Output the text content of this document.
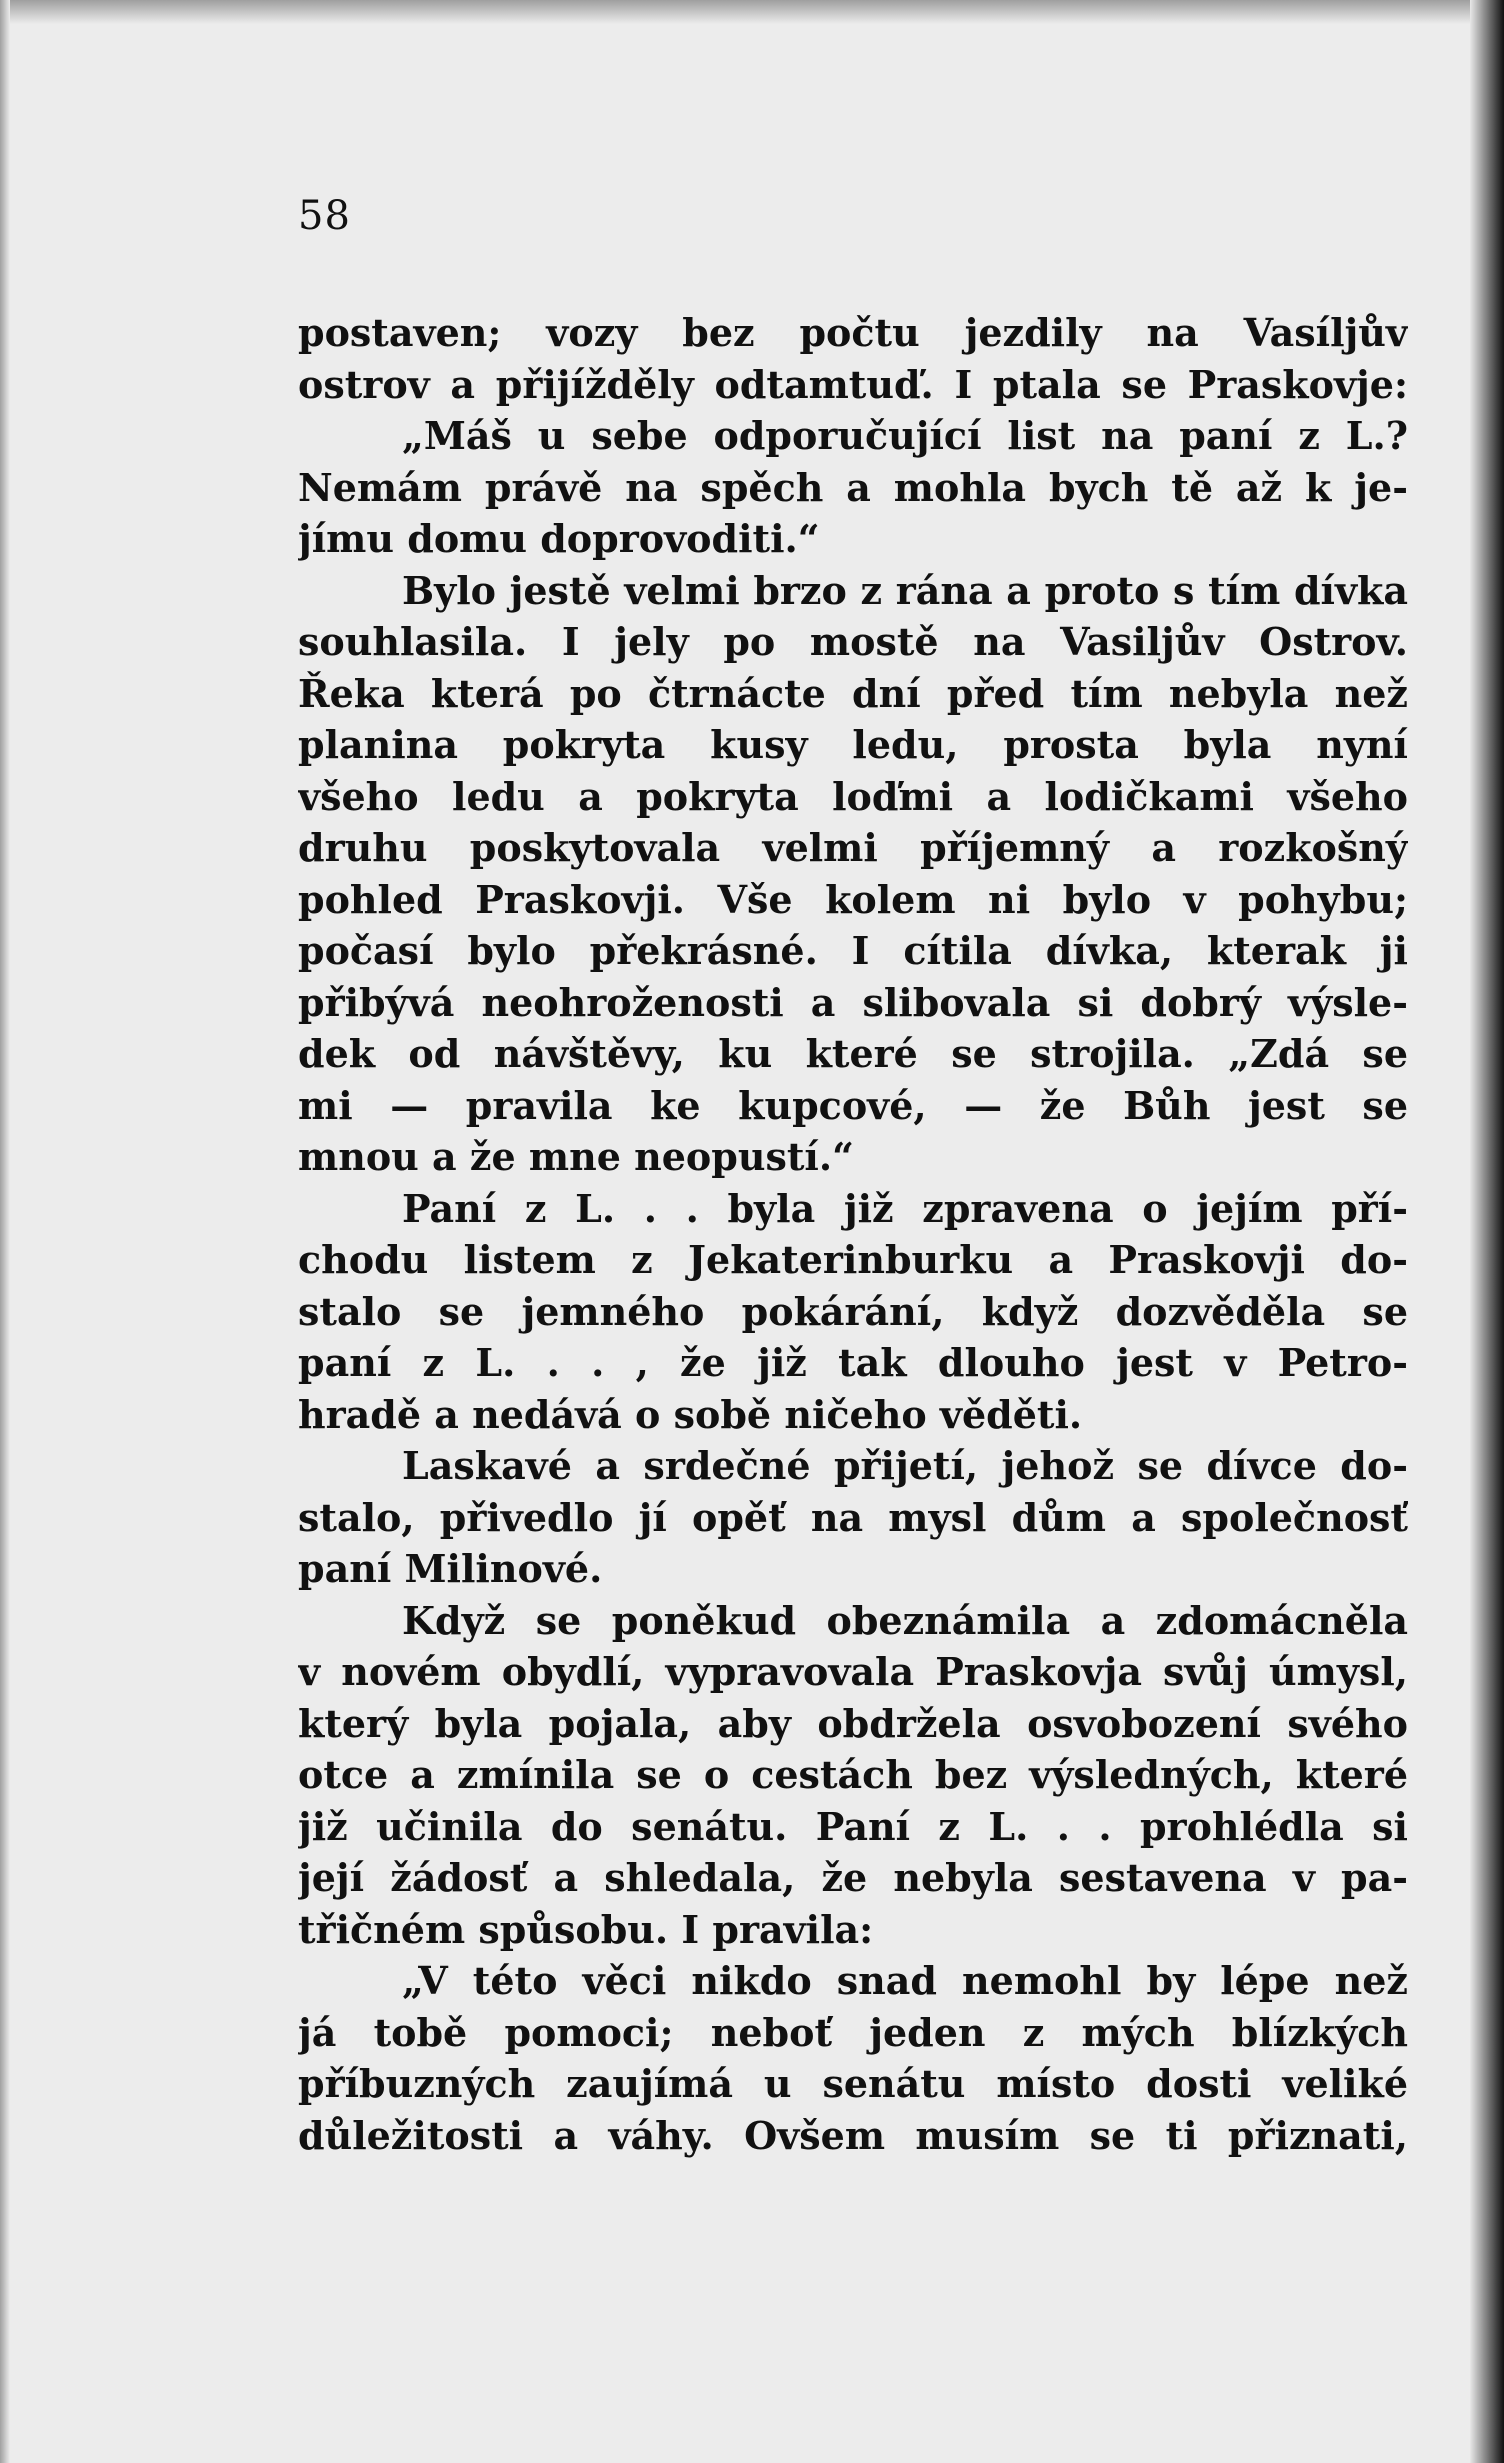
58
postaven; vozy bez počtu jezdily na Vasíljův
ostrov a přijížděly odtamtuď. I ptala se Praskovje:
„Máš u sebe odporučující list na paní z L.?
Nemám právě na spěch a mohla bych tě až k je-
jímu domu doprovoditi.“
Bylo jestě velmi brzo z rána a proto s tím dívka
souhlasila. I jely po mostě na Vasiljův Ostrov.
Řeka která po čtrnácte dní před tím nebyla než
planina pokryta kusy ledu, prosta byla nyní
všeho ledu a pokryta loďmi a lodičkami všeho
druhu poskytovala velmi příjemný a rozkošný
pohled Praskovji. Vše kolem ni bylo v pohybu;
počasí bylo překrásné. I cítila dívka, kterak ji
přibývá neohroženosti a slibovala si dobrý výsle-
dek od návštěvy, ku které se strojila. „Zdá se
mi — pravila ke kupcové, — že Bůh jest se
mnou a že mne neopustí.“
Paní z L. . . byla již zpravena o jejím pří-
chodu listem z Jekaterinburku a Praskovji do-
stalo se jemného pokárání, když dozvěděla se
paní z L. . . , že již tak dlouho jest v Petro-
hradě a nedává o sobě ničeho věděti.
Laskavé a srdečné přijetí, jehož se dívce do-
stalo, přivedlo jí opěť na mysl dům a společnosť
paní Milinové.
Když se poněkud obeznámila a zdomácněla
v novém obydlí, vypravovala Praskovja svůj úmysl,
který byla pojala, aby obdržela osvobození svého
otce a zmínila se o cestách bez výsledných, které
již učinila do senátu. Paní z L. . . prohlédla si
její žádosť a shledala, že nebyla sestavena v pa-
třičném spůsobu. I pravila:
„V této věci nikdo snad nemohl by lépe než
já tobě pomoci; neboť jeden z mých blízkých
příbuzných zaujímá u senátu místo dosti veliké
důležitosti a váhy. Ovšem musím se ti přiznati,
